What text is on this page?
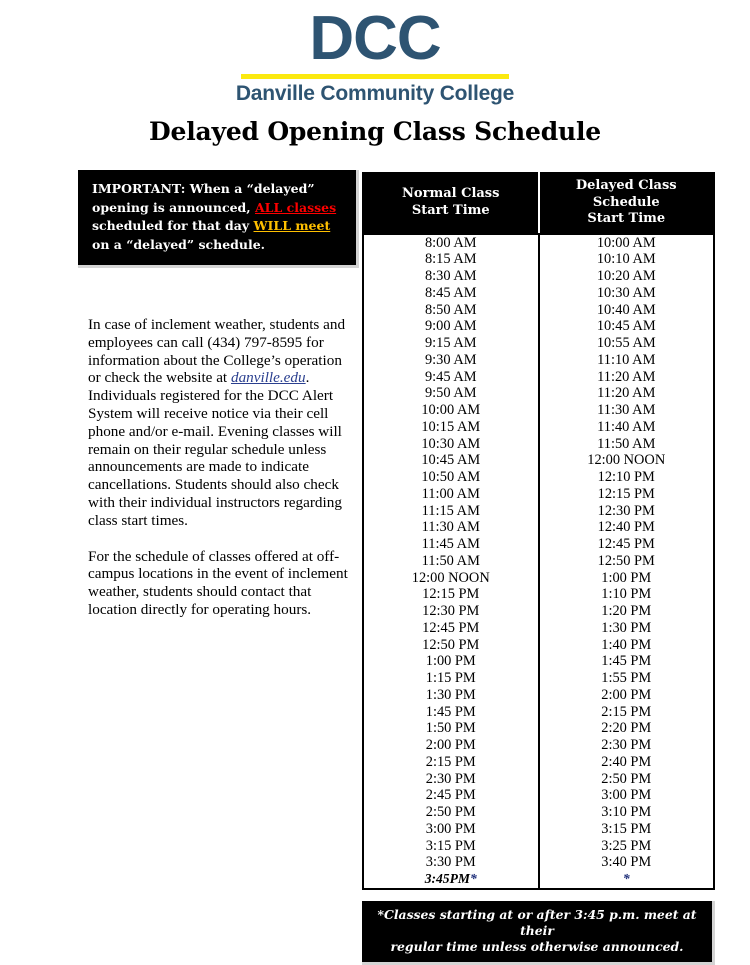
DCC
Danville Community College
Delayed Opening Class Schedule
IMPORTANT: When a “delayed” opening is announced, ALL classes scheduled for that day WILL meet on a “delayed” schedule.

In case of inclement weather, students and employees can call (434) 797-8595 for information about the College’s operation or check the website at danville.edu. Individuals registered for the DCC Alert System will receive notice via their cell phone and/or e-mail. Evening classes will remain on their regular schedule unless announcements are made to indicate cancellations. Students should also check with their individual instructors regarding class start times.

For the schedule of classes offered at off-campus locations in the event of inclement weather, students should contact that location directly for operating hours.

Normal Class
Start Time

Delayed Class Schedule
Start Time

8:00 AM	10:00 AM
8:15 AM	10:10 AM
8:30 AM	10:20 AM
8:45 AM	10:30 AM
8:50 AM	10:40 AM
9:00 AM	10:45 AM
9:15 AM	10:55 AM
9:30 AM	11:10 AM
9:45 AM	11:20 AM
9:50 AM	11:20 AM
10:00 AM	11:30 AM
10:15 AM	11:40 AM
10:30 AM	11:50 AM
10:45 AM	12:00 NOON
10:50 AM	12:10 PM
11:00 AM	12:15 PM
11:15 AM	12:30 PM
11:30 AM	12:40 PM
11:45 AM	12:45 PM
11:50 AM	12:50 PM
12:00 NOON	1:00 PM
12:15 PM	1:10 PM
12:30 PM	1:20 PM
12:45 PM	1:30 PM
12:50 PM	1:40 PM
1:00 PM	1:45 PM
1:15 PM	1:55 PM
1:30 PM	2:00 PM
1:45 PM	2:15 PM
1:50 PM	2:20 PM
2:00 PM	2:30 PM
2:15 PM	2:40 PM
2:30 PM	2:50 PM
2:45 PM	3:00 PM
2:50 PM	3:10 PM
3:00 PM	3:15 PM
3:15 PM	3:25 PM
3:30 PM	3:40 PM
3:45PM*	*
*Classes starting at or after 3:45 p.m. meet at their
regular time unless otherwise announced.
